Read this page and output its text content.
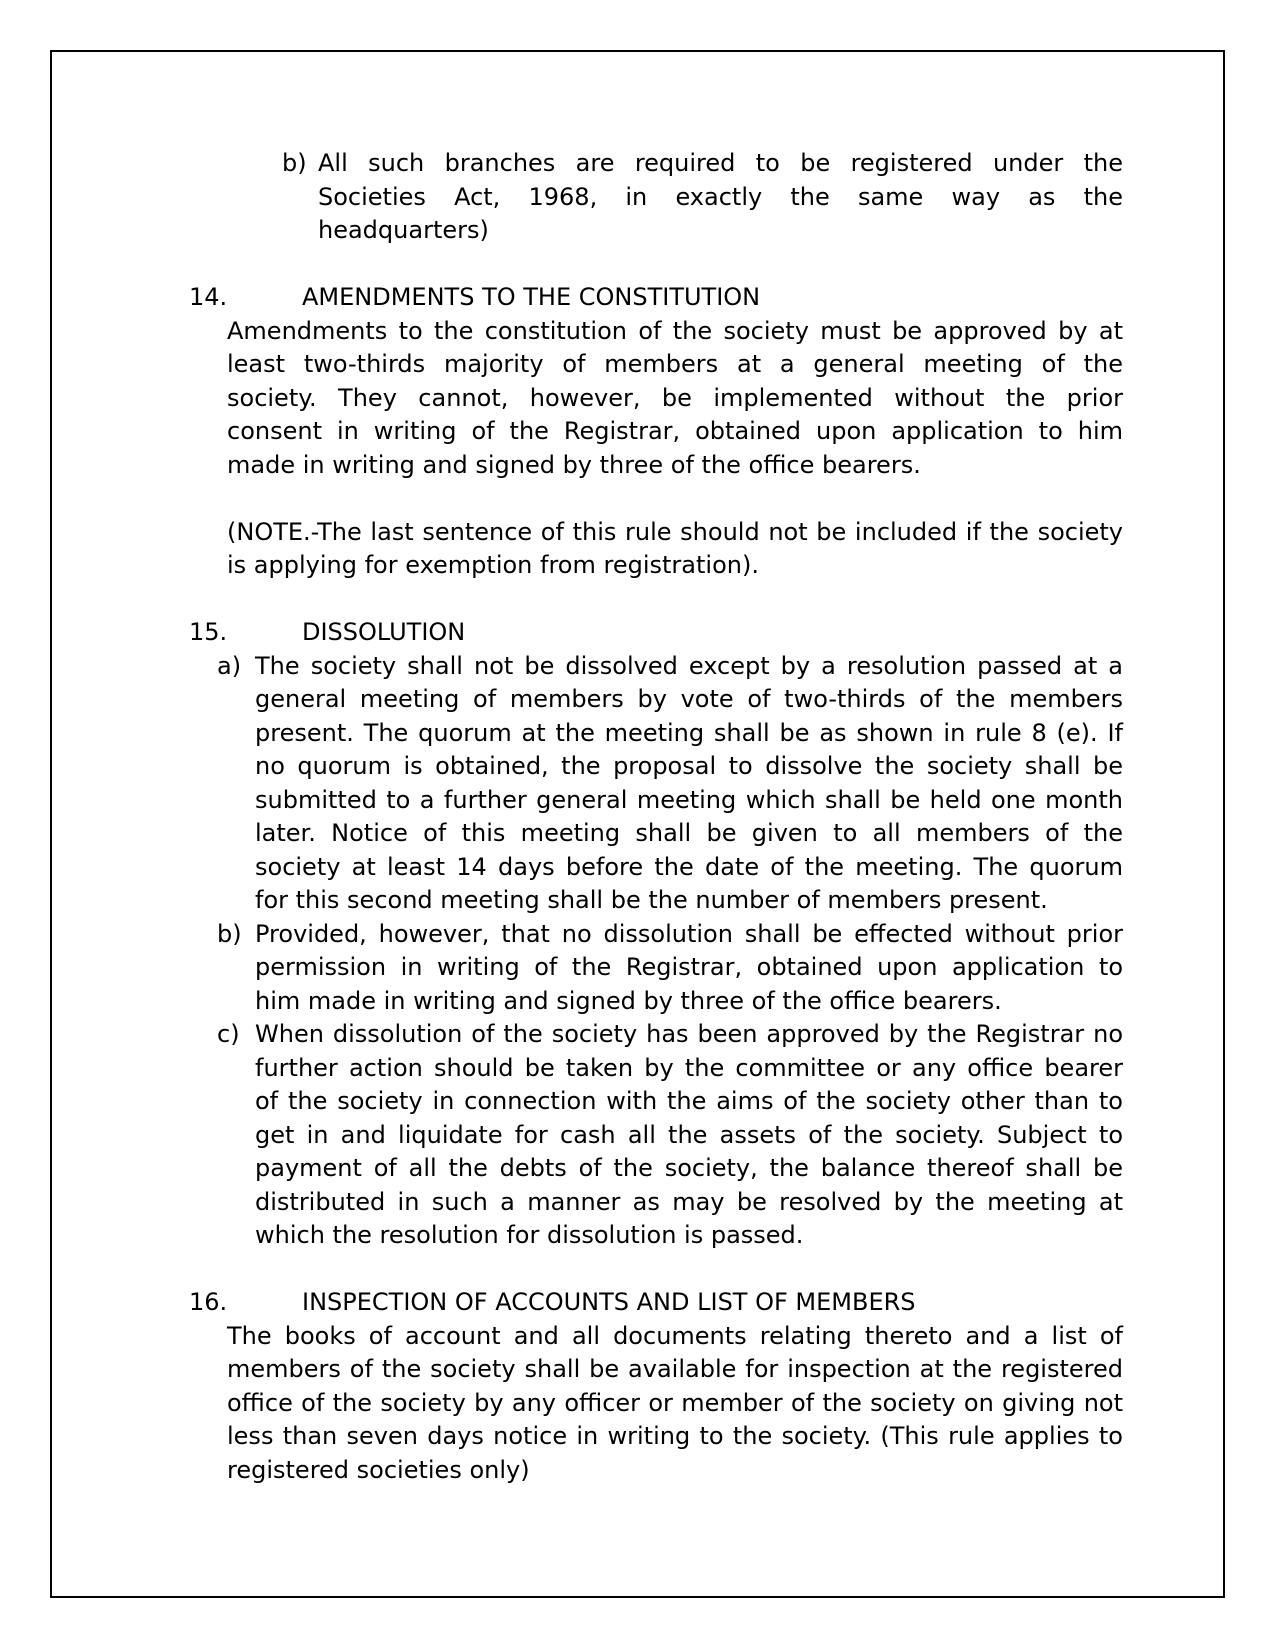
b) All such branches are required to be registered under the
Societies Act, 1968, in exactly the same way as the
headquarters)
14.	AMENDMENTS TO THE CONSTITUTION
Amendments to the constitution of the society must be approved by at
least two-thirds majority of members at a general meeting of the
society. They cannot, however, be implemented without the prior
consent in writing of the Registrar, obtained upon application to him
made in writing and signed by three of the office bearers.
(NOTE.-The last sentence of this rule should not be included if the society
is applying for exemption from registration).
15.	DISSOLUTION
a) The society shall not be dissolved except by a resolution passed at a
general meeting of members by vote of two-thirds of the members
present. The quorum at the meeting shall be as shown in rule 8 (e). If
no quorum is obtained, the proposal to dissolve the society shall be
submitted to a further general meeting which shall be held one month
later. Notice of this meeting shall be given to all members of the
society at least 14 days before the date of the meeting. The quorum
for this second meeting shall be the number of members present.
b) Provided, however, that no dissolution shall be effected without prior
permission in writing of the Registrar, obtained upon application to
him made in writing and signed by three of the office bearers.
c) When dissolution of the society has been approved by the Registrar no
further action should be taken by the committee or any office bearer
of the society in connection with the aims of the society other than to
get in and liquidate for cash all the assets of the society. Subject to
payment of all the debts of the society, the balance thereof shall be
distributed in such a manner as may be resolved by the meeting at
which the resolution for dissolution is passed.
16.	INSPECTION OF ACCOUNTS AND LIST OF MEMBERS
The books of account and all documents relating thereto and a list of
members of the society shall be available for inspection at the registered
office of the society by any officer or member of the society on giving not
less than seven days notice in writing to the society. (This rule applies to
registered societies only)
